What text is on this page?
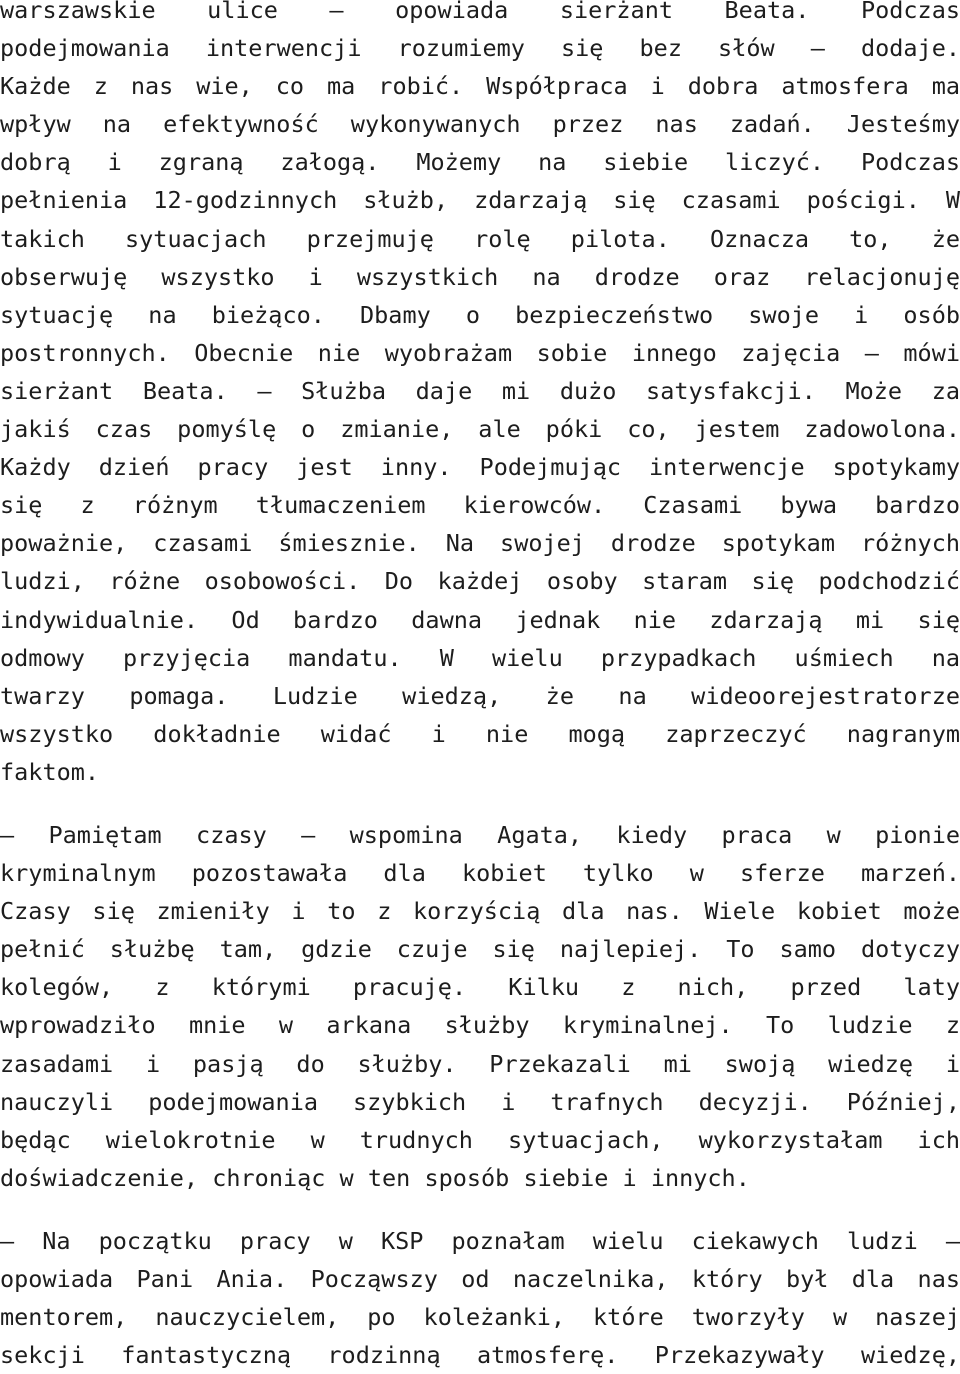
warszawskie ulice – opowiada sierżant Beata. Podczas
podejmowania interwencji rozumiemy się bez słów – dodaje.
Każde z nas wie, co ma robić. Współpraca i dobra atmosfera ma
wpływ na efektywność wykonywanych przez nas zadań. Jesteśmy
dobrą i zgraną załogą. Możemy na siebie liczyć. Podczas
pełnienia 12-godzinnych służb, zdarzają się czasami pościgi. W
takich sytuacjach przejmuję rolę pilota. Oznacza to, że
obserwuję wszystko i wszystkich na drodze oraz relacjonuję
sytuację na bieżąco. Dbamy o bezpieczeństwo swoje i osób
postronnych. Obecnie nie wyobrażam sobie innego zajęcia – mówi
sierżant Beata. – Służba daje mi dużo satysfakcji. Może za
jakiś czas pomyślę o zmianie, ale póki co, jestem zadowolona.
Każdy dzień pracy jest inny. Podejmując interwencje spotykamy
się z różnym tłumaczeniem kierowców. Czasami bywa bardzo
poważnie, czasami śmiesznie. Na swojej drodze spotykam różnych
ludzi, różne osobowości. Do każdej osoby staram się podchodzić
indywidualnie. Od bardzo dawna jednak nie zdarzają mi się
odmowy przyjęcia mandatu. W wielu przypadkach uśmiech na
twarzy pomaga. Ludzie wiedzą, że na wideoorejestratorze
wszystko dokładnie widać i nie mogą zaprzeczyć nagranym
faktom.

– Pamiętam czasy – wspomina Agata, kiedy praca w pionie
kryminalnym pozostawała dla kobiet tylko w sferze marzeń.
Czasy się zmieniły i to z korzyścią dla nas. Wiele kobiet może
pełnić służbę tam, gdzie czuje się najlepiej. To samo dotyczy
kolegów, z którymi pracuję. Kilku z nich, przed laty
wprowadziło mnie w arkana służby kryminalnej. To ludzie z
zasadami i pasją do służby. Przekazali mi swoją wiedzę i
nauczyli podejmowania szybkich i trafnych decyzji. Później,
będąc wielokrotnie w trudnych sytuacjach, wykorzystałam ich
doświadczenie, chroniąc w ten sposób siebie i innych.

– Na początku pracy w KSP poznałam wielu ciekawych ludzi –
opowiada Pani Ania. Począwszy od naczelnika, który był dla nas
mentorem, nauczycielem, po koleżanki, które tworzyły w naszej
sekcji fantastyczną rodzinną atmosferę. Przekazywały wiedzę,
